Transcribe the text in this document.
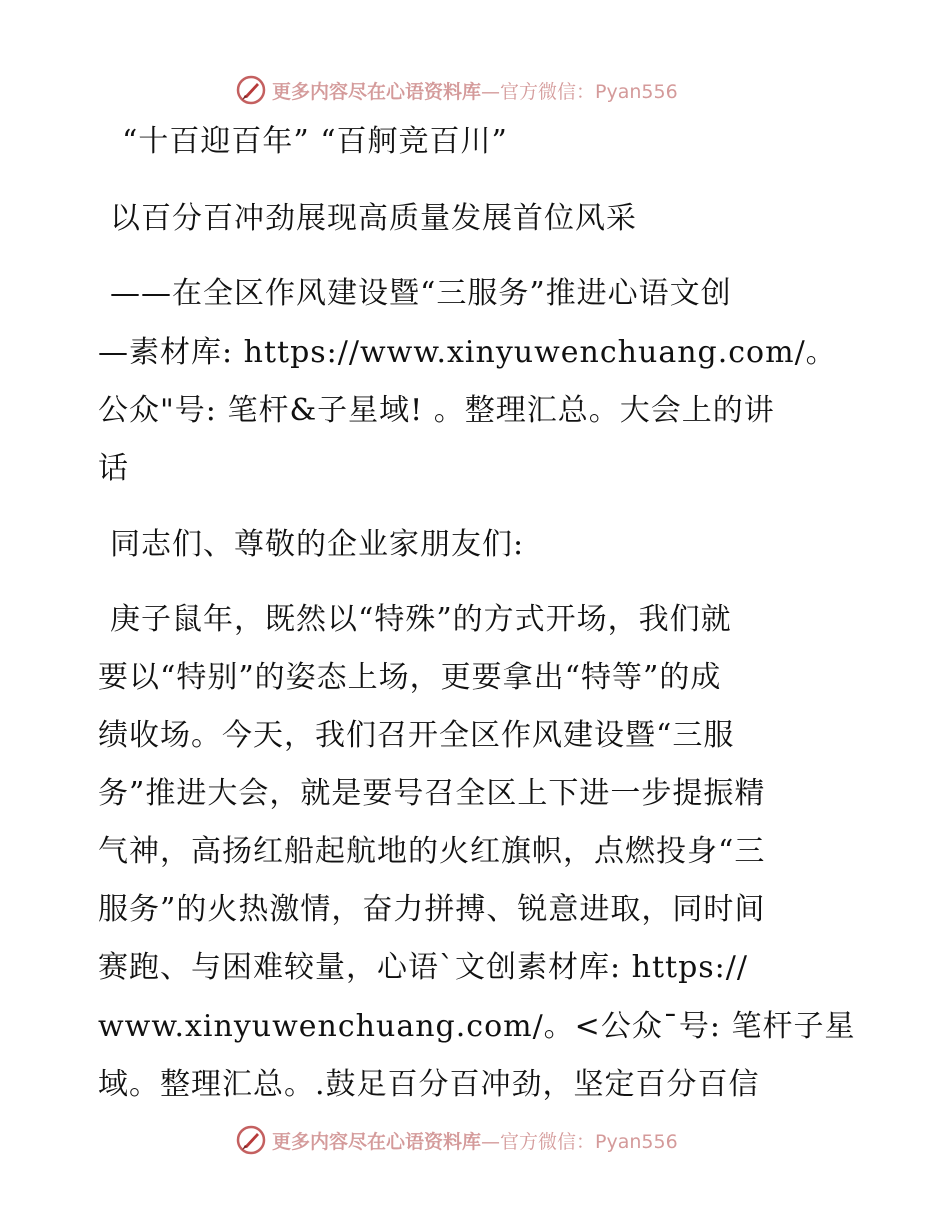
更多内容尽在心语资料库 —官方微信：Pyan556
“十百迎百年” “百舸竞百川”
以百分百冲劲展现高质量发展首位风采
——在全区作风建设暨“三服务”推进心语文创
—素材库: https://www.xinyuwenchuang.com/。
公众"号: 笔杆&子星域! 。整理汇总。大会上的讲
话
同志们、尊敬的企业家朋友们:
庚子鼠年，既然以“特殊”的方式开场，我们就
要以“特别”的姿态上场，更要拿出“特等”的成
绩收场。今天，我们召开全区作风建设暨“三服
务”推进大会，就是要号召全区上下进一步提振精
气神，高扬红船起航地的火红旗帜，点燃投身“三
服务”的火热激情，奋力拼搏、锐意进取，同时间
赛跑、与困难较量，心语`文创素材库: https://
www.xinyuwenchuang.com/。<公众¯号: 笔杆子星
域。整理汇总。.鼓足百分百冲劲，坚定百分百信
更多内容尽在心语资料库 —官方微信：Pyan556
